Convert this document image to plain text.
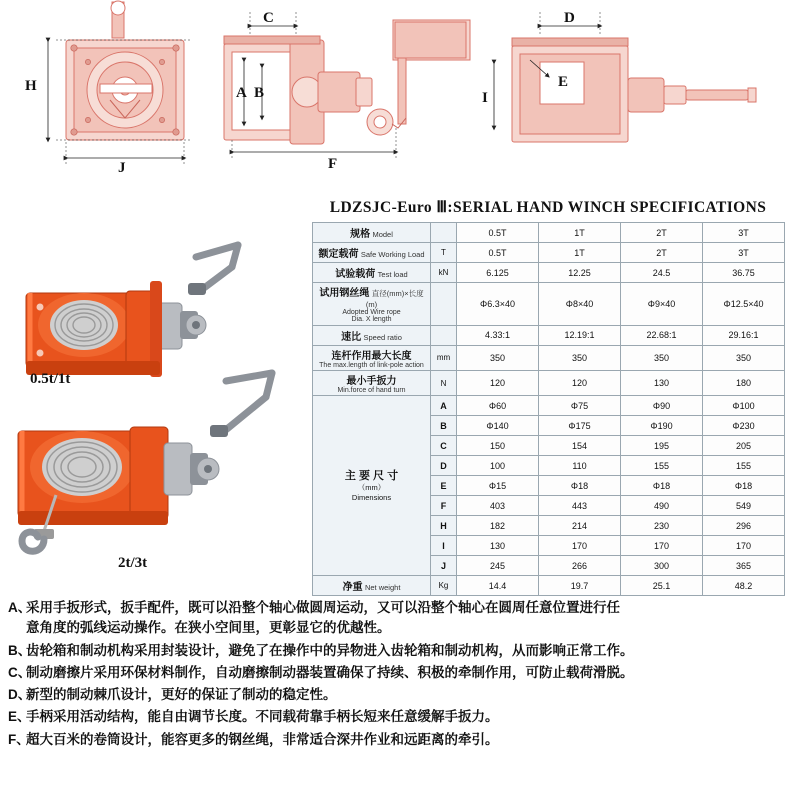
H
J
C
A B
F
D
E
I
0.5t/1t
2t/3t
LDZSJC-Euro Ⅲ:SERIAL HAND WINCH SPECIFICATIONS
规格 Model		0.5T	1T	2T	3T
额定载荷 Safe Working Load	T	0.5T	1T	2T	3T
试验载荷 Test load	kN	6.125	12.25	24.5	36.75
试用钢丝绳 直径(mm)×长度(m)
Adopted Wire rope
Dia. X length		Φ6.3×40	Φ8×40	Φ9×40	Φ12.5×40
速比 Speed ratio		4.33:1	12.19:1	22.68:1	29.16:1
连杆作用最大长度
The max.length of link-pole action	mm	350	350	350	350
最小手扳力
Min.force of hand turn	N	120	120	130	180
主 要 尺 寸
（mm）
Dimensions	A	Φ60	Φ75	Φ90	Φ100
	B	Φ140	Φ175	Φ190	Φ230
	C	150	154	195	205
	D	100	110	155	155
	E	Φ15	Φ18	Φ18	Φ18
	F	403	443	490	549
	H	182	214	230	296
	I	130	170	170	170
	J	245	266	300	365
净重 Net weight	Kg	14.4	19.7	25.1	48.2
A、
采用手扳形式，扳手配件，既可以沿整个轴心做圆周运动，又可以沿整个轴心在圆周任意位置进行任
意角度的弧线运动操作。在狭小空间里，更彰显它的优越性。
B、
齿轮箱和制动机构采用封装设计，避免了在操作中的异物进入齿轮箱和制动机构，从而影响正常工作。
C、
制动磨擦片采用环保材料制作，自动磨擦制动器装置确保了持续、积极的牵制作用，可防止载荷滑脱。
D、
新型的制动棘爪设计，更好的保证了制动的稳定性。
E、
手柄采用活动结构，能自由调节长度。不同载荷靠手柄长短来任意缓解手扳力。
F、
超大百米的卷筒设计，能容更多的钢丝绳，非常适合深井作业和远距离的牵引。
